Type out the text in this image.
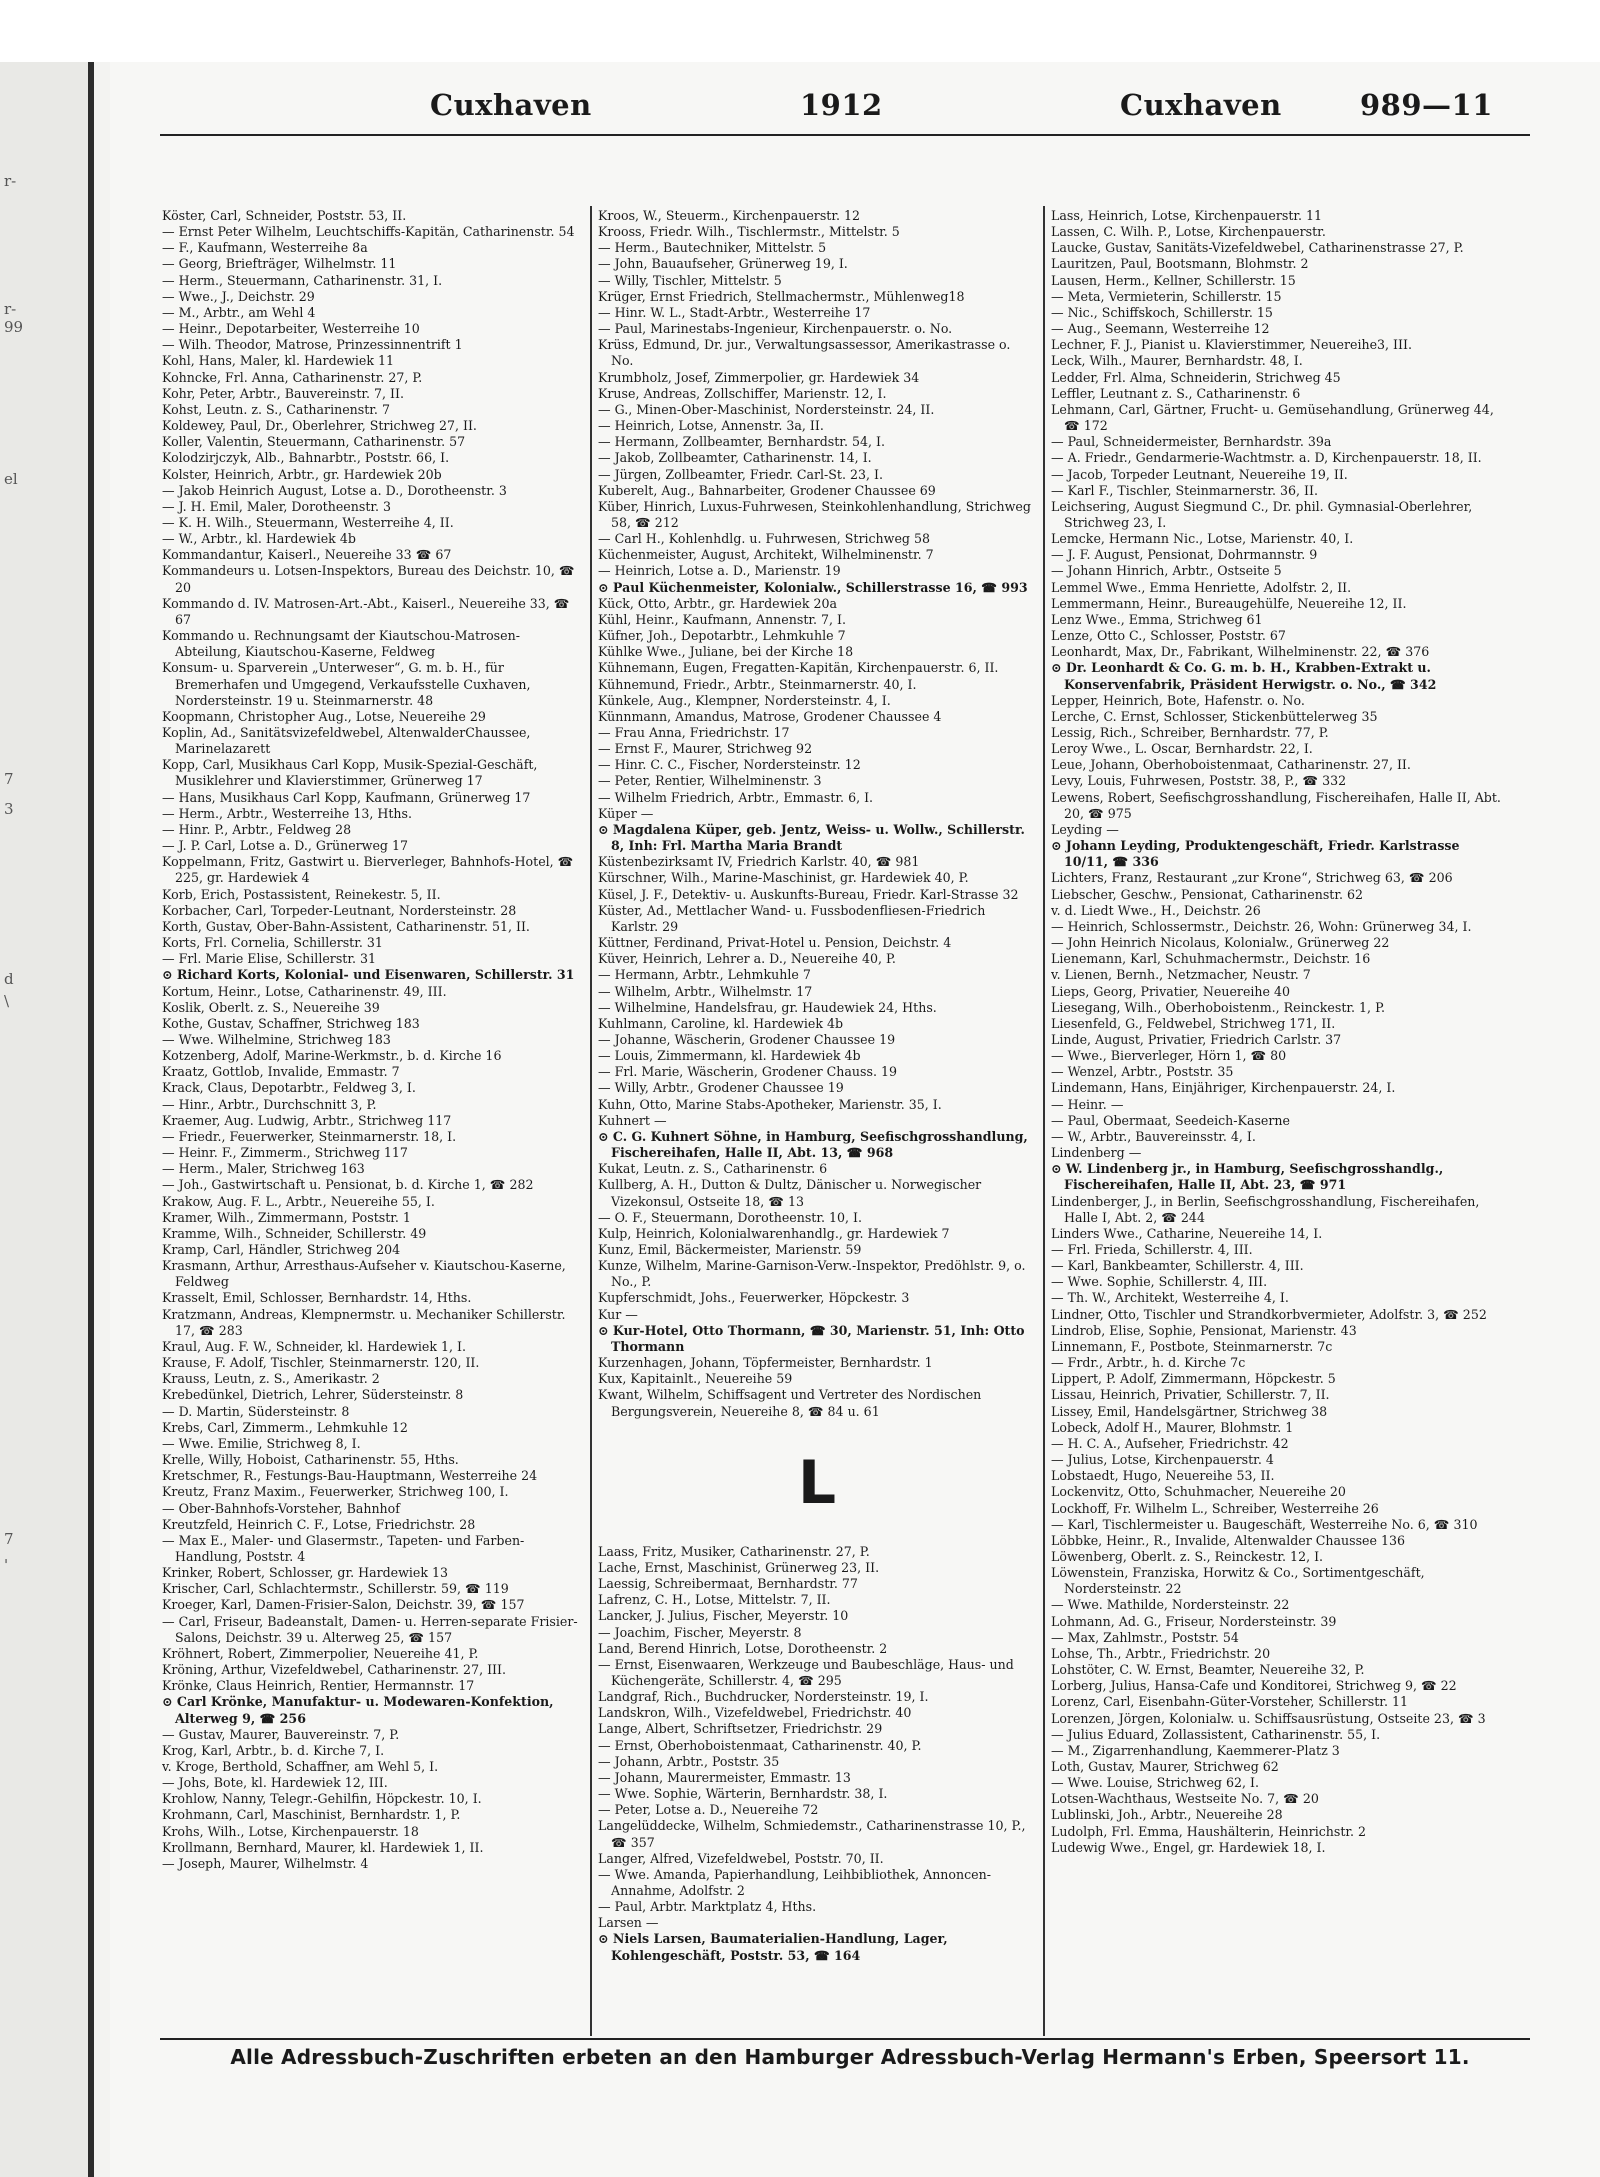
r-
r-
99
el
7
3
d
\
7
'
Cuxhaven	1912	Cuxhaven	989—11

Köster, Carl, Schneider, Poststr. 53, II.

— Ernst Peter Wilhelm, Leuchtschiffs-Kapitän, Catharinenstr. 54

— F., Kaufmann, Westerreihe 8a

— Georg, Briefträger, Wilhelmstr. 11

— Herm., Steuermann, Catharinenstr. 31, I.

— Wwe., J., Deichstr. 29

— M., Arbtr., am Wehl 4

— Heinr., Depotarbeiter, Westerreihe 10

— Wilh. Theodor, Matrose, Prinzessinnentrift 1

Kohl, Hans, Maler, kl. Hardewiek 11

Kohncke, Frl. Anna, Catharinenstr. 27, P.

Kohr, Peter, Arbtr., Bauvereinstr. 7, II.

Kohst, Leutn. z. S., Catharinenstr. 7

Koldewey, Paul, Dr., Oberlehrer, Strichweg 27, II.

Koller, Valentin, Steuermann, Catharinenstr. 57

Kolodzirjczyk, Alb., Bahnarbtr., Poststr. 66, I.

Kolster, Heinrich, Arbtr., gr. Hardewiek 20b

— Jakob Heinrich August, Lotse a. D., Dorotheenstr. 3

— J. H. Emil, Maler, Dorotheenstr. 3

— K. H. Wilh., Steuermann, Westerreihe 4, II.

— W., Arbtr., kl. Hardewiek 4b

Kommandantur, Kaiserl., Neuereihe 33 ☎ 67

Kommandeurs u. Lotsen-Inspektors, Bureau des Deichstr. 10, ☎ 20

Kommando d. IV. Matrosen-Art.-Abt., Kaiserl., Neuereihe 33, ☎ 67

Kommando u. Rechnungsamt der Kiautschou-Matrosen-Abteilung, Kiautschou-Kaserne, Feldweg

Konsum- u. Sparverein „Unterweser“, G. m. b. H., für Bremerhafen und Umgegend, Verkaufsstelle Cuxhaven, Nordersteinstr. 19 u. Steinmarnerstr. 48

Koopmann, Christopher Aug., Lotse, Neuereihe 29

Koplin, Ad., Sanitätsvizefeldwebel, AltenwalderChaussee, Marinelazarett

Kopp, Carl, Musikhaus Carl Kopp, Musik-Spezial-Geschäft, Musiklehrer und Klavierstimmer, Grünerweg 17

— Hans, Musikhaus Carl Kopp, Kaufmann, Grünerweg 17

— Herm., Arbtr., Westerreihe 13, Hths.

— Hinr. P., Arbtr., Feldweg 28

— J. P. Carl, Lotse a. D., Grünerweg 17

Koppelmann, Fritz, Gastwirt u. Bierverleger, Bahnhofs-Hotel, ☎ 225, gr. Hardewiek 4

Korb, Erich, Postassistent, Reinekestr. 5, II.

Korbacher, Carl, Torpeder-Leutnant, Nordersteinstr. 28

Korth, Gustav, Ober-Bahn-Assistent, Catharinenstr. 51, II.

Korts, Frl. Cornelia, Schillerstr. 31

— Frl. Marie Elise, Schillerstr. 31

⊙ Richard Korts, Kolonial- und Eisenwaren, Schillerstr. 31

Kortum, Heinr., Lotse, Catharinenstr. 49, III.

Koslik, Oberlt. z. S., Neuereihe 39

Kothe, Gustav, Schaffner, Strichweg 183

— Wwe. Wilhelmine, Strichweg 183

Kotzenberg, Adolf, Marine-Werkmstr., b. d. Kirche 16

Kraatz, Gottlob, Invalide, Emmastr. 7

Krack, Claus, Depotarbtr., Feldweg 3, I.

— Hinr., Arbtr., Durchschnitt 3, P.

Kraemer, Aug. Ludwig, Arbtr., Strichweg 117

— Friedr., Feuerwerker, Steinmarnerstr. 18, I.

— Heinr. F., Zimmerm., Strichweg 117

— Herm., Maler, Strichweg 163

— Joh., Gastwirtschaft u. Pensionat, b. d. Kirche 1, ☎ 282

Krakow, Aug. F. L., Arbtr., Neuereihe 55, I.

Kramer, Wilh., Zimmermann, Poststr. 1

Kramme, Wilh., Schneider, Schillerstr. 49

Kramp, Carl, Händler, Strichweg 204

Krasmann, Arthur, Arresthaus-Aufseher v. Kiautschou-Kaserne, Feldweg

Krasselt, Emil, Schlosser, Bernhardstr. 14, Hths.

Kratzmann, Andreas, Klempnermstr. u. Mechaniker Schillerstr. 17, ☎ 283

Kraul, Aug. F. W., Schneider, kl. Hardewiek 1, I.

Krause, F. Adolf, Tischler, Steinmarnerstr. 120, II.

Krauss, Leutn, z. S., Amerikastr. 2

Krebedünkel, Dietrich, Lehrer, Südersteinstr. 8

— D. Martin, Südersteinstr. 8

Krebs, Carl, Zimmerm., Lehmkuhle 12

— Wwe. Emilie, Strichweg 8, I.

Krelle, Willy, Hoboist, Catharinenstr. 55, Hths.

Kretschmer, R., Festungs-Bau-Hauptmann, Westerreihe 24

Kreutz, Franz Maxim., Feuerwerker, Strichweg 100, I.

— Ober-Bahnhofs-Vorsteher, Bahnhof

Kreutzfeld, Heinrich C. F., Lotse, Friedrichstr. 28

— Max E., Maler- und Glasermstr., Tapeten- und Farben-Handlung, Poststr. 4

Krinker, Robert, Schlosser, gr. Hardewiek 13

Krischer, Carl, Schlachtermstr., Schillerstr. 59, ☎ 119

Kroeger, Karl, Damen-Frisier-Salon, Deichstr. 39, ☎ 157

— Carl, Friseur, Badeanstalt, Damen- u. Herren-separate Frisier-Salons, Deichstr. 39 u. Alterweg 25, ☎ 157

Kröhnert, Robert, Zimmerpolier, Neuereihe 41, P.

Kröning, Arthur, Vizefeldwebel, Catharinenstr. 27, III.

Krönke, Claus Heinrich, Rentier, Hermannstr. 17

⊙ Carl Krönke, Manufaktur- u. Modewaren-Konfektion, Alterweg 9, ☎ 256

— Gustav, Maurer, Bauvereinstr. 7, P.

Krog, Karl, Arbtr., b. d. Kirche 7, I.

v. Kroge, Berthold, Schaffner, am Wehl 5, I.

— Johs, Bote, kl. Hardewiek 12, III.

Krohlow, Nanny, Telegr.-Gehilfin, Höpckestr. 10, I.

Krohmann, Carl, Maschinist, Bernhardstr. 1, P.

Krohs, Wilh., Lotse, Kirchenpauerstr. 18

Krollmann, Bernhard, Maurer, kl. Hardewiek 1, II.

— Joseph, Maurer, Wilhelmstr. 4

Kroos, W., Steuerm., Kirchenpauerstr. 12

Krooss, Friedr. Wilh., Tischlermstr., Mittelstr. 5

— Herm., Bautechniker, Mittelstr. 5

— John, Bauaufseher, Grünerweg 19, I.

— Willy, Tischler, Mittelstr. 5

Krüger, Ernst Friedrich, Stellmachermstr., Mühlenweg18

— Hinr. W. L., Stadt-Arbtr., Westerreihe 17

— Paul, Marinestabs-Ingenieur, Kirchenpauerstr. o. No.

Krüss, Edmund, Dr. jur., Verwaltungsassessor, Amerikastrasse o. No.

Krumbholz, Josef, Zimmerpolier, gr. Hardewiek 34

Kruse, Andreas, Zollschiffer, Marienstr. 12, I.

— G., Minen-Ober-Maschinist, Nordersteinstr. 24, II.

— Heinrich, Lotse, Annenstr. 3a, II.

— Hermann, Zollbeamter, Bernhardstr. 54, I.

— Jakob, Zollbeamter, Catharinenstr. 14, I.

— Jürgen, Zollbeamter, Friedr. Carl-St. 23, I.

Kuberelt, Aug., Bahnarbeiter, Grodener Chaussee 69

Küber, Hinrich, Luxus-Fuhrwesen, Steinkohlenhandlung, Strichweg 58, ☎ 212

— Carl H., Kohlenhdlg. u. Fuhrwesen, Strichweg 58

Küchenmeister, August, Architekt, Wilhelminenstr. 7

— Heinrich, Lotse a. D., Marienstr. 19

⊙ Paul Küchenmeister, Kolonialw., Schillerstrasse 16, ☎ 993

Kück, Otto, Arbtr., gr. Hardewiek 20a

Kühl, Heinr., Kaufmann, Annenstr. 7, I.

Küfner, Joh., Depotarbtr., Lehmkuhle 7

Kühlke Wwe., Juliane, bei der Kirche 18

Kühnemann, Eugen, Fregatten-Kapitän, Kirchenpauerstr. 6, II.

Kühnemund, Friedr., Arbtr., Steinmarnerstr. 40, I.

Künkele, Aug., Klempner, Nordersteinstr. 4, I.

Künnmann, Amandus, Matrose, Grodener Chaussee 4

— Frau Anna, Friedrichstr. 17

— Ernst F., Maurer, Strichweg 92

— Hinr. C. C., Fischer, Nordersteinstr. 12

— Peter, Rentier, Wilhelminenstr. 3

— Wilhelm Friedrich, Arbtr., Emmastr. 6, I.

Küper —

⊙ Magdalena Küper, geb. Jentz, Weiss- u. Wollw., Schillerstr. 8, Inh: Frl. Martha Maria Brandt

Küstenbezirksamt IV, Friedrich Karlstr. 40, ☎ 981

Kürschner, Wilh., Marine-Maschinist, gr. Hardewiek 40, P.

Küsel, J. F., Detektiv- u. Auskunfts-Bureau, Friedr. Karl-Strasse 32

Küster, Ad., Mettlacher Wand- u. Fussbodenfliesen-Friedrich Karlstr. 29

Küttner, Ferdinand, Privat-Hotel u. Pension, Deichstr. 4

Küver, Heinrich, Lehrer a. D., Neuereihe 40, P.

— Hermann, Arbtr., Lehmkuhle 7

— Wilhelm, Arbtr., Wilhelmstr. 17

— Wilhelmine, Handelsfrau, gr. Haudewiek 24, Hths.

Kuhlmann, Caroline, kl. Hardewiek 4b

— Johanne, Wäscherin, Grodener Chaussee 19

— Louis, Zimmermann, kl. Hardewiek 4b

— Frl. Marie, Wäscherin, Grodener Chauss. 19

— Willy, Arbtr., Grodener Chaussee 19

Kuhn, Otto, Marine Stabs-Apotheker, Marienstr. 35, I.

Kuhnert —

⊙ C. G. Kuhnert Söhne, in Hamburg, Seefischgrosshandlung, Fischereihafen, Halle II, Abt. 13, ☎ 968

Kukat, Leutn. z. S., Catharinenstr. 6

Kullberg, A. H., Dutton & Dultz, Dänischer u. Norwegischer Vizekonsul, Ostseite 18, ☎ 13

— O. F., Steuermann, Dorotheenstr. 10, I.

Kulp, Heinrich, Kolonialwarenhandlg., gr. Hardewiek 7

Kunz, Emil, Bäckermeister, Marienstr. 59

Kunze, Wilhelm, Marine-Garnison-Verw.-Inspektor, Predöhlstr. 9, o. No., P.

Kupferschmidt, Johs., Feuerwerker, Höpckestr. 3

Kur —

⊙ Kur-Hotel, Otto Thormann, ☎ 30, Marienstr. 51, Inh: Otto Thormann

Kurzenhagen, Johann, Töpfermeister, Bernhardstr. 1

Kux, Kapitainlt., Neuereihe 59

Kwant, Wilhelm, Schiffsagent und Vertreter des Nordischen Bergungsverein, Neuereihe 8, ☎ 84 u. 61

L

Laass, Fritz, Musiker, Catharinenstr. 27, P.

Lache, Ernst, Maschinist, Grünerweg 23, II.

Laessig, Schreibermaat, Bernhardstr. 77

Lafrenz, C. H., Lotse, Mittelstr. 7, II.

Lancker, J. Julius, Fischer, Meyerstr. 10

— Joachim, Fischer, Meyerstr. 8

Land, Berend Hinrich, Lotse, Dorotheenstr. 2

— Ernst, Eisenwaaren, Werkzeuge und Baubeschläge, Haus- und Küchengeräte, Schillerstr. 4, ☎ 295

Landgraf, Rich., Buchdrucker, Nordersteinstr. 19, I.

Landskron, Wilh., Vizefeldwebel, Friedrichstr. 40

Lange, Albert, Schriftsetzer, Friedrichstr. 29

— Ernst, Oberhoboistenmaat, Catharinenstr. 40, P.

— Johann, Arbtr., Poststr. 35

— Johann, Maurermeister, Emmastr. 13

— Wwe. Sophie, Wärterin, Bernhardstr. 38, I.

— Peter, Lotse a. D., Neuereihe 72

Langelüddecke, Wilhelm, Schmiedemstr., Catharinenstrasse 10, P., ☎ 357

Langer, Alfred, Vizefeldwebel, Poststr. 70, II.

— Wwe. Amanda, Papierhandlung, Leihbibliothek, Annoncen-Annahme, Adolfstr. 2

— Paul, Arbtr. Marktplatz 4, Hths.

Larsen —

⊙ Niels Larsen, Baumaterialien-Handlung, Lager, Kohlengeschäft, Poststr. 53, ☎ 164

Lass, Heinrich, Lotse, Kirchenpauerstr. 11

Lassen, C. Wilh. P., Lotse, Kirchenpauerstr.

Laucke, Gustav, Sanitäts-Vizefeldwebel, Catharinenstrasse 27, P.

Lauritzen, Paul, Bootsmann, Blohmstr. 2

Lausen, Herm., Kellner, Schillerstr. 15

— Meta, Vermieterin, Schillerstr. 15

— Nic., Schiffskoch, Schillerstr. 15

— Aug., Seemann, Westerreihe 12

Lechner, F. J., Pianist u. Klavierstimmer, Neuereihe3, III.

Leck, Wilh., Maurer, Bernhardstr. 48, I.

Ledder, Frl. Alma, Schneiderin, Strichweg 45

Leffler, Leutnant z. S., Catharinenstr. 6

Lehmann, Carl, Gärtner, Frucht- u. Gemüsehandlung, Grünerweg 44, ☎ 172

— Paul, Schneidermeister, Bernhardstr. 39a

— A. Friedr., Gendarmerie-Wachtmstr. a. D, Kirchenpauerstr. 18, II.

— Jacob, Torpeder Leutnant, Neuereihe 19, II.

— Karl F., Tischler, Steinmarnerstr. 36, II.

Leichsering, August Siegmund C., Dr. phil. Gymnasial-Oberlehrer, Strichweg 23, I.

Lemcke, Hermann Nic., Lotse, Marienstr. 40, I.

— J. F. August, Pensionat, Dohrmannstr. 9

— Johann Hinrich, Arbtr., Ostseite 5

Lemmel Wwe., Emma Henriette, Adolfstr. 2, II.

Lemmermann, Heinr., Bureaugehülfe, Neuereihe 12, II.

Lenz Wwe., Emma, Strichweg 61

Lenze, Otto C., Schlosser, Poststr. 67

Leonhardt, Max, Dr., Fabrikant, Wilhelminenstr. 22, ☎ 376

⊙ Dr. Leonhardt & Co. G. m. b. H., Krabben-Extrakt u. Konservenfabrik, Präsident Herwigstr. o. No., ☎ 342

Lepper, Heinrich, Bote, Hafenstr. o. No.

Lerche, C. Ernst, Schlosser, Stickenbüttelerweg 35

Lessig, Rich., Schreiber, Bernhardstr. 77, P.

Leroy Wwe., L. Oscar, Bernhardstr. 22, I.

Leue, Johann, Oberhoboistenmaat, Catharinenstr. 27, II.

Levy, Louis, Fuhrwesen, Poststr. 38, P., ☎ 332

Lewens, Robert, Seefischgrosshandlung, Fischereihafen, Halle II, Abt. 20, ☎ 975

Leyding —

⊙ Johann Leyding, Produktengeschäft, Friedr. Karlstrasse 10/11, ☎ 336

Lichters, Franz, Restaurant „zur Krone“, Strichweg 63, ☎ 206

Liebscher, Geschw., Pensionat, Catharinenstr. 62

v. d. Liedt Wwe., H., Deichstr. 26

— Heinrich, Schlossermstr., Deichstr. 26, Wohn: Grünerweg 34, I.

— John Heinrich Nicolaus, Kolonialw., Grünerweg 22

Lienemann, Karl, Schuhmachermstr., Deichstr. 16

v. Lienen, Bernh., Netzmacher, Neustr. 7

Lieps, Georg, Privatier, Neuereihe 40

Liesegang, Wilh., Oberhoboistenm., Reinckestr. 1, P.

Liesenfeld, G., Feldwebel, Strichweg 171, II.

Linde, August, Privatier, Friedrich Carlstr. 37

— Wwe., Bierverleger, Hörn 1, ☎ 80

— Wenzel, Arbtr., Poststr. 35

Lindemann, Hans, Einjähriger, Kirchenpauerstr. 24, I.

— Heinr. —

— Paul, Obermaat, Seedeich-Kaserne

— W., Arbtr., Bauvereinsstr. 4, I.

Lindenberg —

⊙ W. Lindenberg jr., in Hamburg, Seefischgrosshandlg., Fischereihafen, Halle II, Abt. 23, ☎ 971

Lindenberger, J., in Berlin, Seefischgrosshandlung, Fischereihafen, Halle I, Abt. 2, ☎ 244

Linders Wwe., Catharine, Neuereihe 14, I.

— Frl. Frieda, Schillerstr. 4, III.

— Karl, Bankbeamter, Schillerstr. 4, III.

— Wwe. Sophie, Schillerstr. 4, III.

— Th. W., Architekt, Westerreihe 4, I.

Lindner, Otto, Tischler und Strandkorbvermieter, Adolfstr. 3, ☎ 252

Lindrob, Elise, Sophie, Pensionat, Marienstr. 43

Linnemann, F., Postbote, Steinmarnerstr. 7c

— Frdr., Arbtr., h. d. Kirche 7c

Lippert, P. Adolf, Zimmermann, Höpckestr. 5

Lissau, Heinrich, Privatier, Schillerstr. 7, II.

Lissey, Emil, Handelsgärtner, Strichweg 38

Lobeck, Adolf H., Maurer, Blohmstr. 1

— H. C. A., Aufseher, Friedrichstr. 42

— Julius, Lotse, Kirchenpauerstr. 4

Lobstaedt, Hugo, Neuereihe 53, II.

Lockenvitz, Otto, Schuhmacher, Neuereihe 20

Lockhoff, Fr. Wilhelm L., Schreiber, Westerreihe 26

— Karl, Tischlermeister u. Baugeschäft, Westerreihe No. 6, ☎ 310

Löbbke, Heinr., R., Invalide, Altenwalder Chaussee 136

Löwenberg, Oberlt. z. S., Reinckestr. 12, I.

Löwenstein, Franziska, Horwitz & Co., Sortimentgeschäft, Nordersteinstr. 22

— Wwe. Mathilde, Nordersteinstr. 22

Lohmann, Ad. G., Friseur, Nordersteinstr. 39

— Max, Zahlmstr., Poststr. 54

Lohse, Th., Arbtr., Friedrichstr. 20

Lohstöter, C. W. Ernst, Beamter, Neuereihe 32, P.

Lorberg, Julius, Hansa-Cafe und Konditorei, Strichweg 9, ☎ 22

Lorenz, Carl, Eisenbahn-Güter-Vorsteher, Schillerstr. 11

Lorenzen, Jörgen, Kolonialw. u. Schiffsausrüstung, Ostseite 23, ☎ 3

— Julius Eduard, Zollassistent, Catharinenstr. 55, I.

— M., Zigarrenhandlung, Kaemmerer-Platz 3

Loth, Gustav, Maurer, Strichweg 62

— Wwe. Louise, Strichweg 62, I.

Lotsen-Wachthaus, Westseite No. 7, ☎ 20

Lublinski, Joh., Arbtr., Neuereihe 28

Ludolph, Frl. Emma, Haushälterin, Heinrichstr. 2

Ludewig Wwe., Engel, gr. Hardewiek 18, I.

Alle Adressbuch-Zuschriften erbeten an den Hamburger Adressbuch-Verlag Hermann's Erben, Speersort 11.
